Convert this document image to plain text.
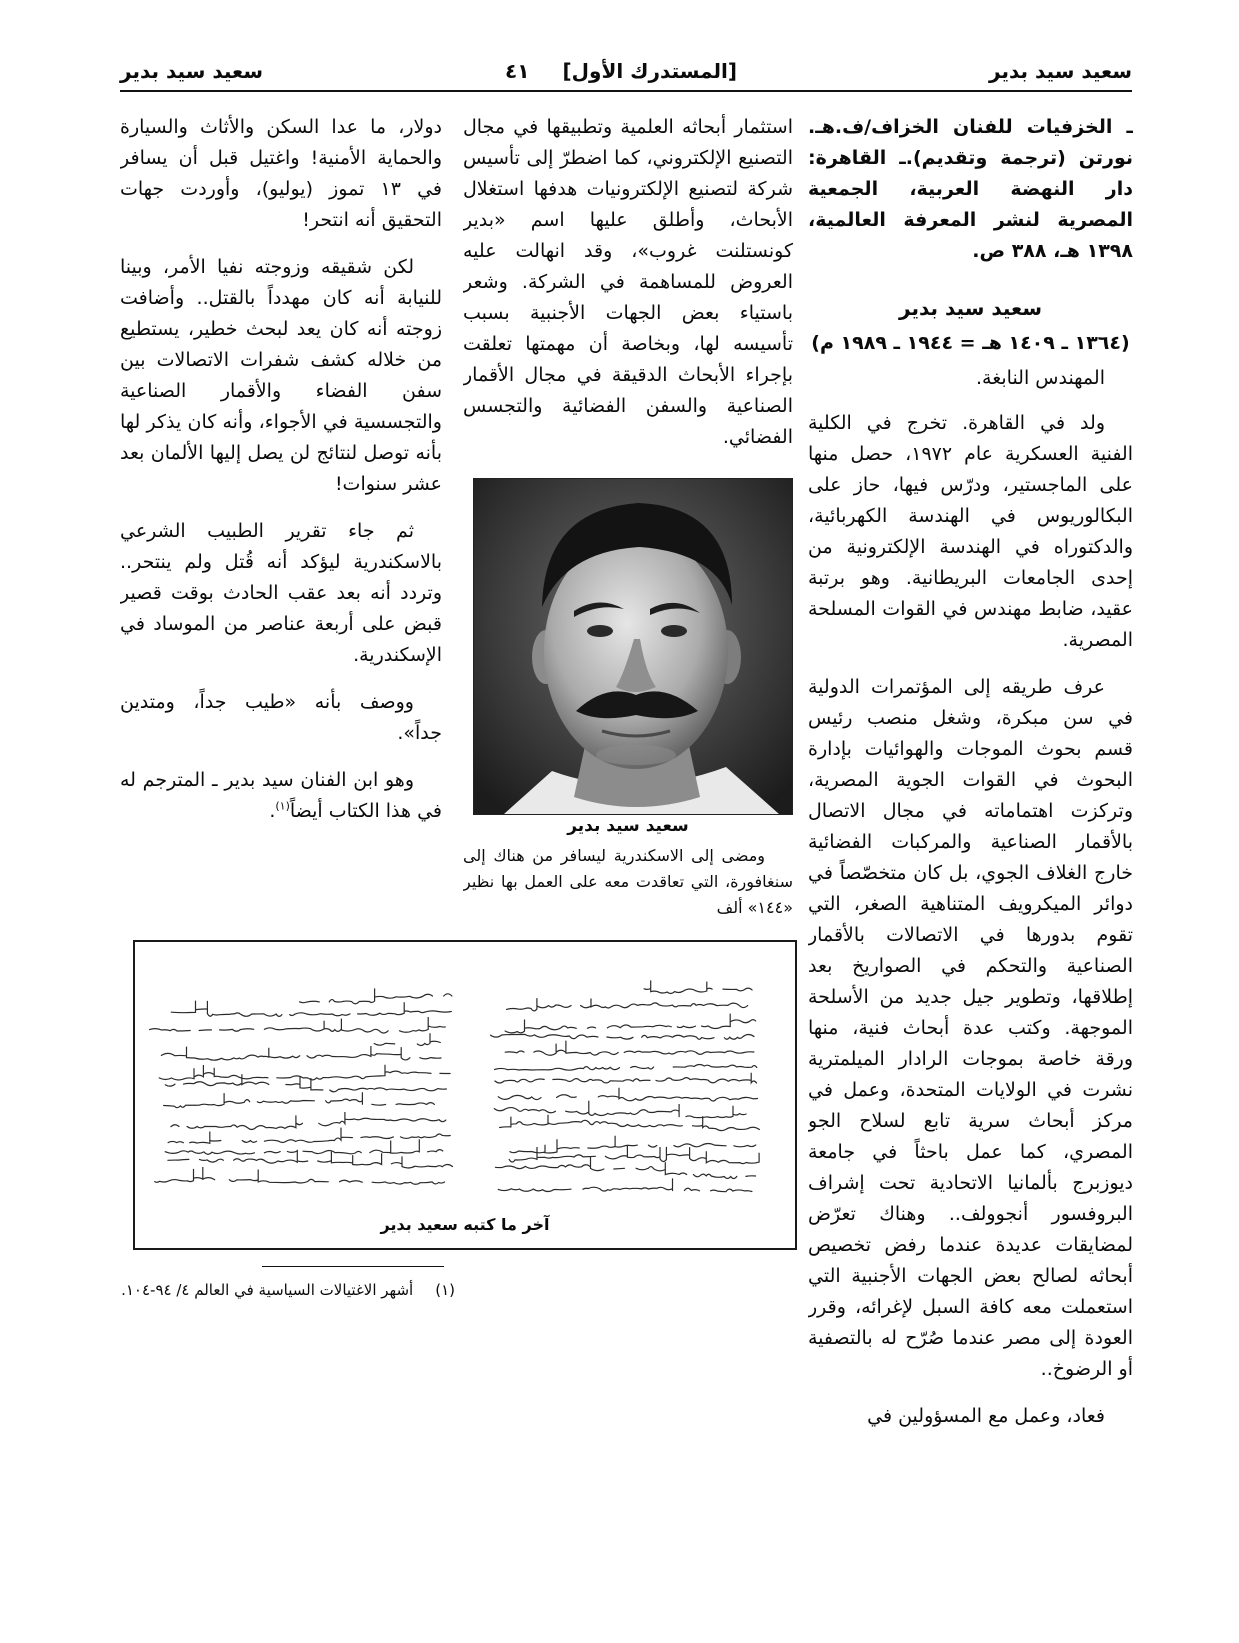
سعيد سيد بدير
[المستدرك الأول]
٤١
سعيد سيد بدير

ـ الخزفيات للفنان الخزاف/ف.هـ. نورتن (ترجمة وتقديم).ـ القاهرة: دار النهضة العربية، الجمعية المصرية لنشر المعرفة العالمية، ١٣٩٨ هـ، ٣٨٨ ص.

سعيد سيد بدير
(١٣٦٤ ـ ١٤٠٩ هـ = ١٩٤٤ ـ ١٩٨٩ م)
المهندس النابغة.

ولد في القاهرة. تخرج في الكلية الفنية العسكرية عام ١٩٧٢، حصل منها على الماجستير، ودرّس فيها، حاز على البكالوريوس في الهندسة الكهربائية، والدكتوراه في الهندسة الإلكترونية من إحدى الجامعات البريطانية. وهو برتبة عقيد، ضابط مهندس في القوات المسلحة المصرية.

عرف طريقه إلى المؤتمرات الدولية في سن مبكرة، وشغل منصب رئيس قسم بحوث الموجات والهوائيات بإدارة البحوث في القوات الجوية المصرية، وتركزت اهتماماته في مجال الاتصال بالأقمار الصناعية والمركبات الفضائية خارج الغلاف الجوي، بل كان متخصّصاً في دوائر الميكرويف المتناهية الصغر، التي تقوم بدورها في الاتصالات بالأقمار الصناعية والتحكم في الصواريخ بعد إطلاقها، وتطوير جيل جديد من الأسلحة الموجهة. وكتب عدة أبحاث فنية، منها ورقة خاصة بموجات الرادار الميلمترية نشرت في الولايات المتحدة، وعمل في مركز أبحاث سرية تابع لسلاح الجو المصري، كما عمل باحثاً في جامعة ديوزبرج بألمانيا الاتحادية تحت إشراف البروفسور أنجوولف.. وهناك تعرّض لمضايقات عديدة عندما رفض تخصيص أبحاثه لصالح بعض الجهات الأجنبية التي استعملت معه كافة السبل لإغرائه، وقرر العودة إلى مصر عندما صُرّح له بالتصفية أو الرضوخ..

فعاد، وعمل مع المسؤولين في

استثمار أبحاثه العلمية وتطبيقها في مجال التصنيع الإلكتروني، كما اضطرّ إلى تأسيس شركة لتصنيع الإلكترونيات هدفها استغلال الأبحاث، وأطلق عليها اسم «بدير كونستلنت غروب»، وقد انهالت عليه العروض للمساهمة في الشركة. وشعر باستياء بعض الجهات الأجنبية بسبب تأسيسه لها، وبخاصة أن مهمتها تعلقت بإجراء الأبحاث الدقيقة في مجال الأقمار الصناعية والسفن الفضائية والتجسس الفضائي.

سعيد سيد بدير

ومضى إلى الاسكندرية ليسافر من هناك إلى سنغافورة، التي تعاقدت معه على العمل بها نظير «١٤٤» ألف

دولار، ما عدا السكن والأثاث والسيارة والحماية الأمنية! واغتيل قبل أن يسافر في ١٣ تموز (يوليو)، وأوردت جهات التحقيق أنه انتحر!

لكن شقيقه وزوجته نفيا الأمر، وبينا للنيابة أنه كان مهدداً بالقتل.. وأضافت زوجته أنه كان يعد لبحث خطير، يستطيع من خلاله كشف شفرات الاتصالات بين سفن الفضاء والأقمار الصناعية والتجسسية في الأجواء، وأنه كان يذكر لها بأنه توصل لنتائج لن يصل إليها الألمان بعد عشر سنوات!

ثم جاء تقرير الطبيب الشرعي بالاسكندرية ليؤكد أنه قُتل ولم ينتحر.. وتردد أنه بعد عقب الحادث بوقت قصير قبض على أربعة عناصر من الموساد في الإسكندرية.

ووصف بأنه «طيب جداً، ومتدين جداً».

وهو ابن الفنان سيد بدير ـ المترجم له في هذا الكتاب أيضاً$^{(١)}$.

آخر ما كتبه سعيد بدير
(١)أشهر الاغتيالات السياسية في العالم ٤/ ٩٤-١٠٤.
